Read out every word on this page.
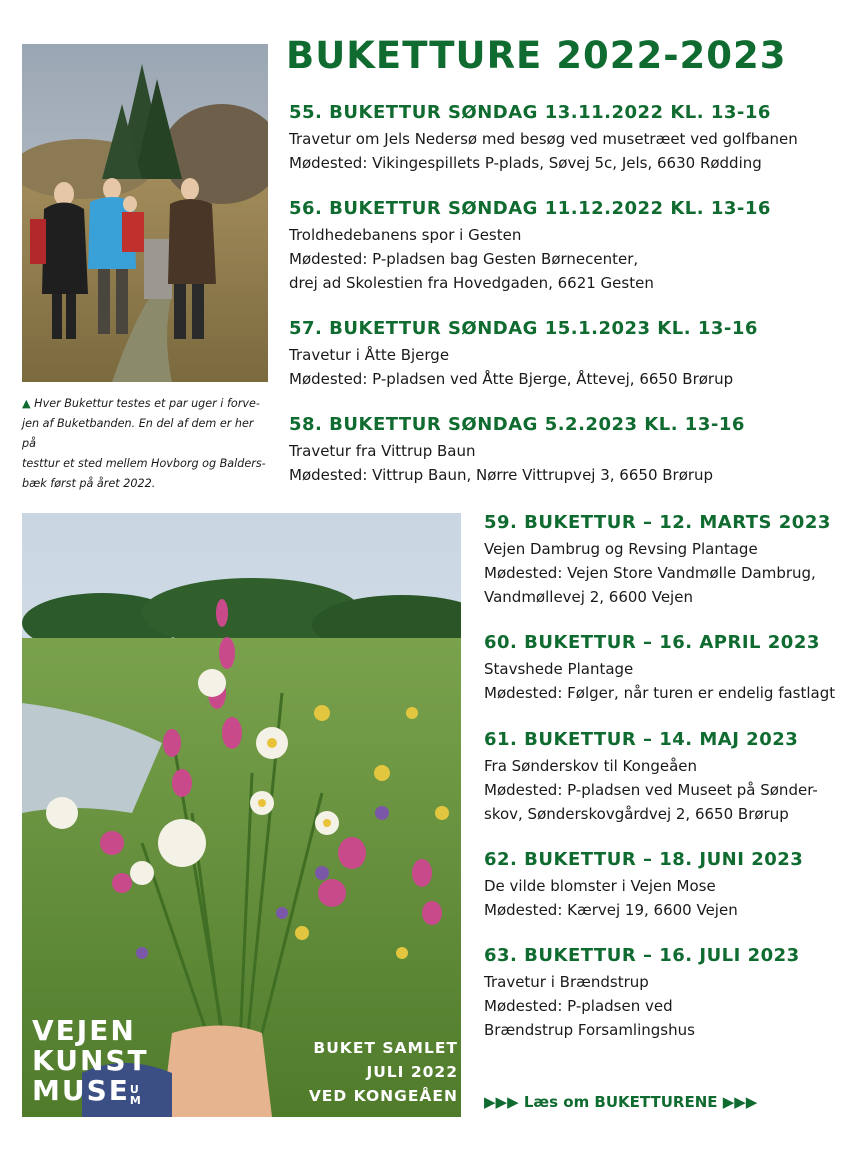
BUKETTURE 2022-2023
▲ Hver Bukettur testes et par uger i forve-
jen af Buketbanden. En del af dem er her på
testtur et sted mellem Hovborg og Balders-
bæk først på året 2022.
55. BUKETTUR SØNDAG 13.11.2022 KL. 13-16
Travetur om Jels Nedersø med besøg ved musetræet ved golfbanen
Mødested: Vikingespillets P-plads, Søvej 5c, Jels, 6630 Rødding
56. BUKETTUR SØNDAG 11.12.2022 KL. 13-16
Troldhedebanens spor i Gesten
Mødested: P-pladsen bag Gesten Børnecenter,
drej ad Skolestien fra Hovedgaden, 6621 Gesten
57. BUKETTUR SØNDAG 15.1.2023 KL. 13-16
Travetur i Åtte Bjerge
Mødested: P-pladsen ved Åtte Bjerge, Åttevej, 6650 Brørup
58. BUKETTUR SØNDAG 5.2.2023 KL. 13-16
Travetur fra Vittrup Baun
Mødested: Vittrup Baun, Nørre Vittrupvej 3, 6650 Brørup
VEJEN
KUNST
MUSEUM
BUKET SAMLET
JULI 2022
VED KONGEÅEN
59. BUKETTUR – 12. MARTS 2023
Vejen Dambrug og Revsing Plantage
Mødested: Vejen Store Vandmølle Dambrug,
Vandmøllevej 2, 6600 Vejen
60. BUKETTUR – 16. APRIL 2023
Stavshede Plantage
Mødested: Følger, når turen er endelig fastlagt
61. BUKETTUR – 14. MAJ 2023
Fra Sønderskov til Kongeåen
Mødested: P-pladsen ved Museet på Sønder-
skov, Sønderskovgårdvej 2, 6650 Brørup
62. BUKETTUR – 18. JUNI 2023
De vilde blomster i Vejen Mose
Mødested: Kærvej 19, 6600 Vejen
63. BUKETTUR – 16. JULI 2023
Travetur i Brændstrup
Mødested: P-pladsen ved
Brændstrup Forsamlingshus
▶▶▶ Læs om BUKETTURENE ▶▶▶
